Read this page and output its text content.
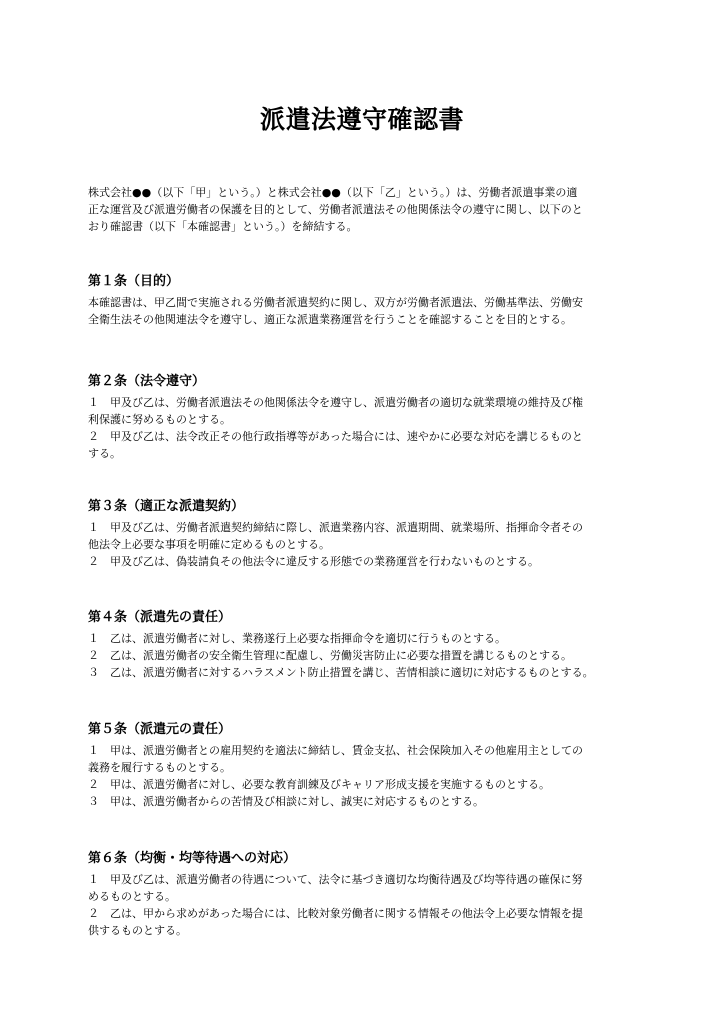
派遣法遵守確認書
株式会社●●（以下「甲」という。）と株式会社●●（以下「乙」という。）は、労働者派遣事業の適
正な運営及び派遣労働者の保護を目的として、労働者派遣法その他関係法令の遵守に関し、以下のと
おり確認書（以下「本確認書」という。）を締結する。
第１条（目的）
本確認書は、甲乙間で実施される労働者派遣契約に関し、双方が労働者派遣法、労働基準法、労働安
全衛生法その他関連法令を遵守し、適正な派遣業務運営を行うことを確認することを目的とする。
第２条（法令遵守）
１　甲及び乙は、労働者派遣法その他関係法令を遵守し、派遣労働者の適切な就業環境の維持及び権
利保護に努めるものとする。
２　甲及び乙は、法令改正その他行政指導等があった場合には、速やかに必要な対応を講じるものと
する。
第３条（適正な派遣契約）
１　甲及び乙は、労働者派遣契約締結に際し、派遣業務内容、派遣期間、就業場所、指揮命令者その
他法令上必要な事項を明確に定めるものとする。
２　甲及び乙は、偽装請負その他法令に違反する形態での業務運営を行わないものとする。
第４条（派遣先の責任）
１　乙は、派遣労働者に対し、業務遂行上必要な指揮命令を適切に行うものとする。
２　乙は、派遣労働者の安全衛生管理に配慮し、労働災害防止に必要な措置を講じるものとする。
３　乙は、派遣労働者に対するハラスメント防止措置を講じ、苦情相談に適切に対応するものとする。
第５条（派遣元の責任）
１　甲は、派遣労働者との雇用契約を適法に締結し、賃金支払、社会保険加入その他雇用主としての
義務を履行するものとする。
２　甲は、派遣労働者に対し、必要な教育訓練及びキャリア形成支援を実施するものとする。
３　甲は、派遣労働者からの苦情及び相談に対し、誠実に対応するものとする。
第６条（均衡・均等待遇への対応）
１　甲及び乙は、派遣労働者の待遇について、法令に基づき適切な均衡待遇及び均等待遇の確保に努
めるものとする。
２　乙は、甲から求めがあった場合には、比較対象労働者に関する情報その他法令上必要な情報を提
供するものとする。
